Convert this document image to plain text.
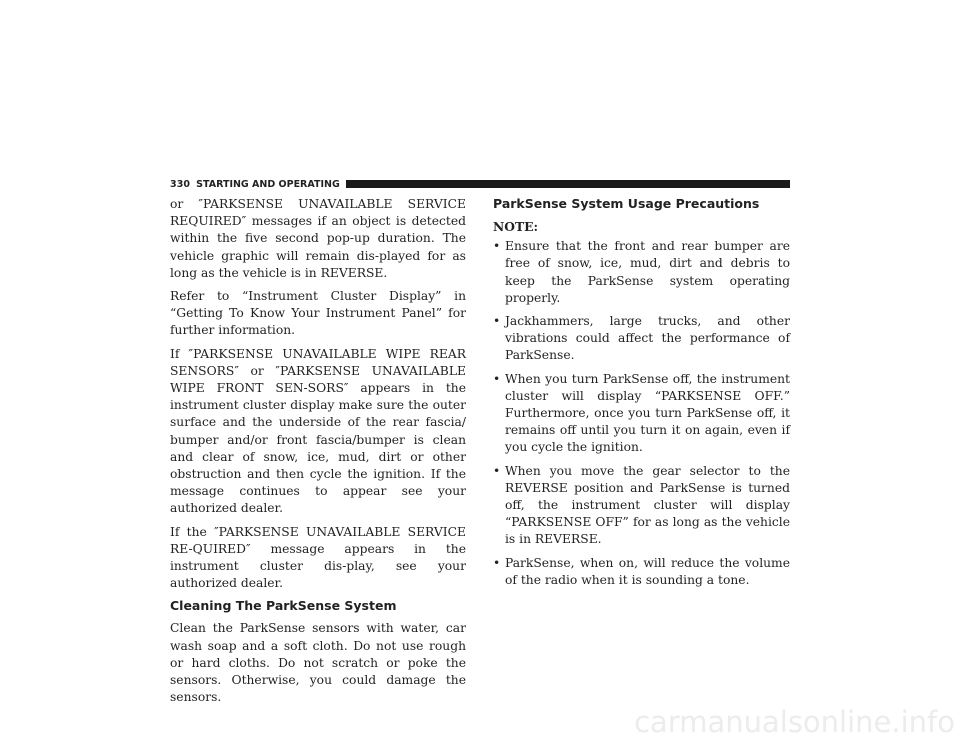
330 STARTING AND OPERATING

or ″PARKSENSE UNAVAILABLE SERVICE REQUIRED″ messages if an object is detected within the five second pop-up duration. The vehicle graphic will remain dis-played for as long as the vehicle is in REVERSE.

Refer to “Instrument Cluster Display” in “Getting To Know Your Instrument Panel” for further information.

If ″PARKSENSE UNAVAILABLE WIPE REAR SENSORS″ or ″PARKSENSE UNAVAILABLE WIPE FRONT SEN-SORS″ appears in the instrument cluster display make sure the outer surface and the underside of the rear fascia/ bumper and/or front fascia/bumper is clean and clear of snow, ice, mud, dirt or other obstruction and then cycle the ignition. If the message continues to appear see your authorized dealer.

If the ″PARKSENSE UNAVAILABLE SERVICE RE-QUIRED″ message appears in the instrument cluster dis-play, see your authorized dealer.

Cleaning The ParkSense System

Clean the ParkSense sensors with water, car wash soap and a soft cloth. Do not use rough or hard cloths. Do not scratch or poke the sensors. Otherwise, you could damage the sensors.

ParkSense System Usage Precautions

NOTE:

• Ensure that the front and rear bumper are free of snow, ice, mud, dirt and debris to keep the ParkSense system operating properly.
• Jackhammers, large trucks, and other vibrations could affect the performance of ParkSense.
• When you turn ParkSense off, the instrument cluster will display “PARKSENSE OFF.” Furthermore, once you turn ParkSense off, it remains off until you turn it on again, even if you cycle the ignition.
• When you move the gear selector to the REVERSE position and ParkSense is turned off, the instrument cluster will display “PARKSENSE OFF” for as long as the vehicle is in REVERSE.
• ParkSense, when on, will reduce the volume of the radio when it is sounding a tone.
carmanualsonline.info
